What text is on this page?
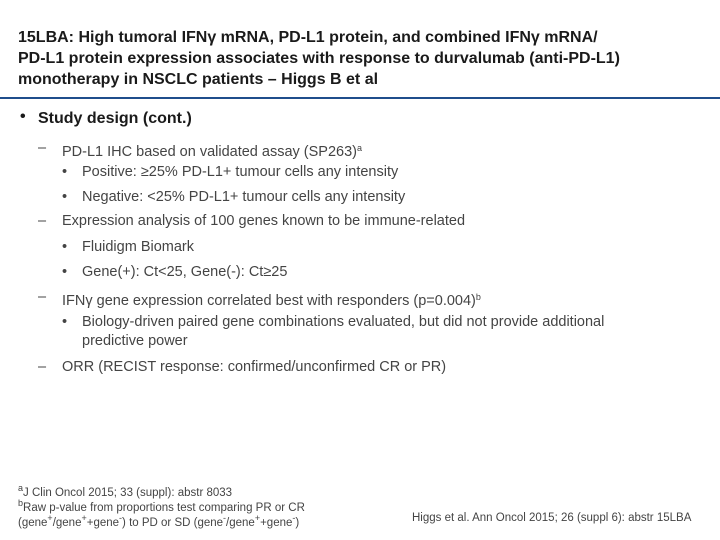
15LBA: High tumoral IFNγ mRNA, PD-L1 protein, and combined IFNγ mRNA/
PD-L1 protein expression associates with response to durvalumab (anti-PD-L1)
monotherapy in NSCLC patients – Higgs B et al
• Study design (cont.)
– PD-L1 IHC based on validated assay $(SP263)^a$
• Positive: ≥25% PD-L1+ tumour cells any intensity
• Negative: <25% PD-L1+ tumour cells any intensity
– Expression analysis of 100 genes known to be immune-related
• Fluidigm Biomark
• Gene(+): Ct<25, Gene(-): Ct≥25
– IFNγ gene expression correlated best with responders (p=0.004)$^b$
• Biology-driven paired gene combinations evaluated, but did not provide additional
predictive power
– ORR (RECIST response: confirmed/unconfirmed CR or PR)
$^a$J Clin Oncol 2015; 33 (suppl): abstr 8033
$^b$Raw p-value from proportions test comparing PR or CR
(gene+/gene++gene-) to PD or SD (gene-/gene++gene-)	Higgs et al. Ann Oncol 2015; 26 (suppl 6): abstr 15LBA
